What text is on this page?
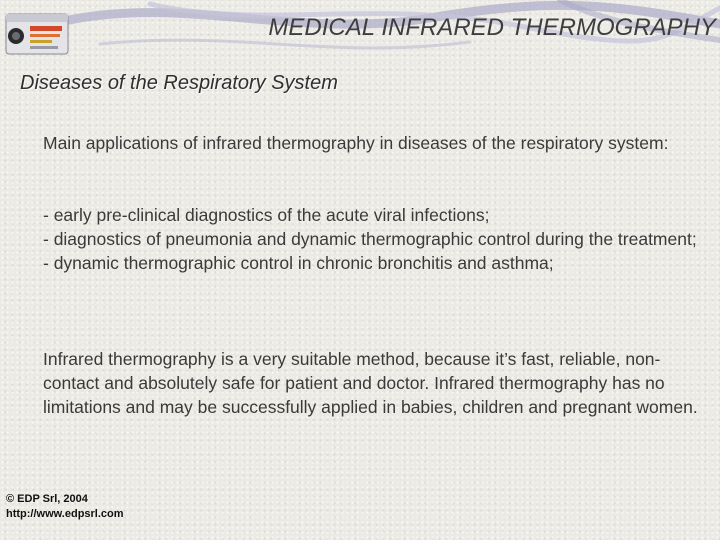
MEDICAL INFRARED THERMOGRAPHY
Diseases of the Respiratory System
Main applications of infrared thermography in diseases of the respiratory system:
- early pre-clinical diagnostics of the acute viral infections;
- diagnostics of pneumonia and dynamic thermographic control during the treatment;
- dynamic thermographic control in chronic bronchitis and asthma;
Infrared thermography is a very suitable method, because it’s fast, reliable, non-contact and absolutely safe for patient and doctor. Infrared thermography has no limitations and may be successfully applied in babies, children and pregnant women.
© EDP Srl, 2004
http://www.edpsrl.com
